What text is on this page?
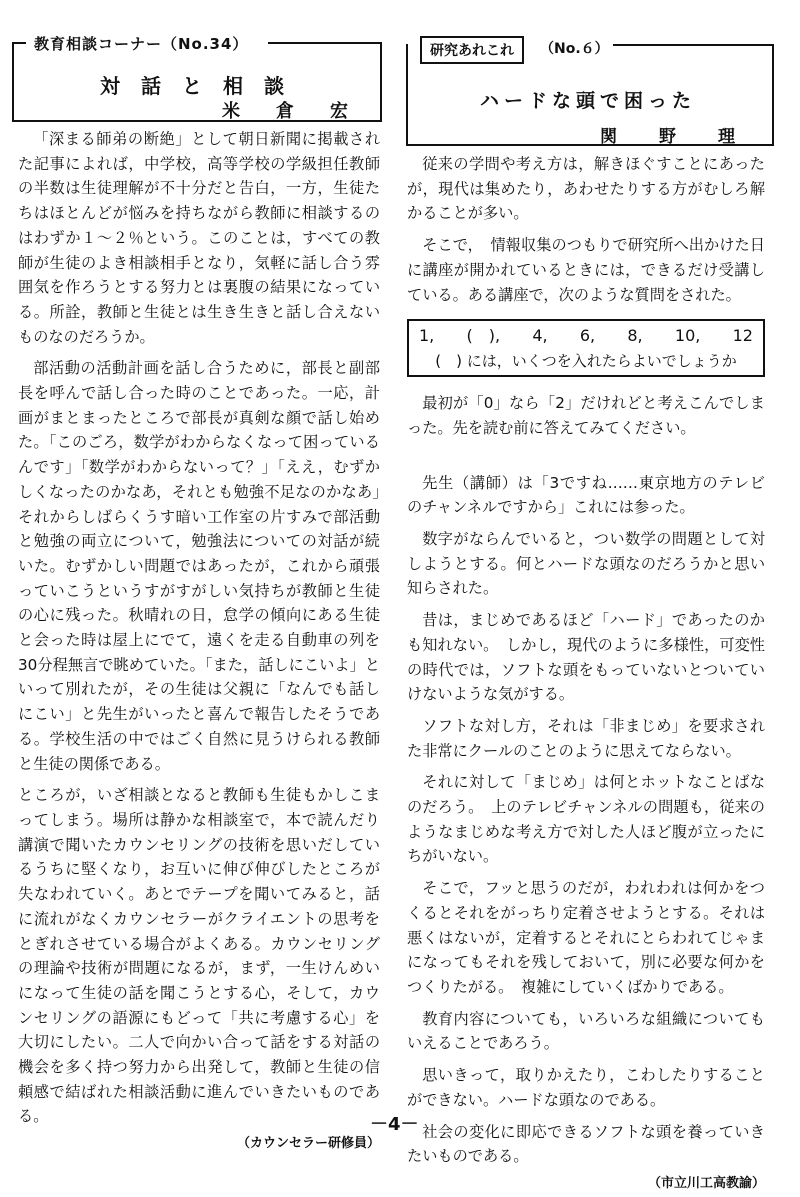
教育相談コーナー（No.34）
対話と相談
米倉宏

「深まる師弟の断絶」として朝日新聞に掲載された記事によれば，中学校，高等学校の学級担任教師の半数は生徒理解が不十分だと告白，一方，生徒たちはほとんどが悩みを持ちながら教師に相談するのはわずか１～２％という。このことは，すべての教師が生徒のよき相談相手となり，気軽に話し合う雰囲気を作ろうとする努力とは裏腹の結果になっている。所詮，教師と生徒とは生き生きと話し合えないものなのだろうか。

部活動の活動計画を話し合うために，部長と副部長を呼んで話し合った時のことであった。一応，計画がまとまったところで部長が真剣な顔で話し始めた。「このごろ，数学がわからなくなって困っているんです」「数学がわからないって？」「ええ，むずかしくなったのかなあ，それとも勉強不足なのかなあ」それからしばらくうす暗い工作室の片すみで部活動と勉強の両立について，勉強法についての対話が続いた。むずかしい問題ではあったが，これから頑張っていこうというすがすがしい気持ちが教師と生徒の心に残った。秋晴れの日，怠学の傾向にある生徒と会った時は屋上にでて，遠くを走る自動車の列を30分程無言で眺めていた。「また，話しにこいよ」といって別れたが，その生徒は父親に「なんでも話しにこい」と先生がいったと喜んで報告したそうである。学校生活の中ではごく自然に見うけられる教師と生徒の関係である。

ところが，いざ相談となると教師も生徒もかしこまってしまう。場所は静かな相談室で，本で読んだり講演で聞いたカウンセリングの技術を思いだしているうちに堅くなり，お互いに伸び伸びしたところが失なわれていく。あとでテープを聞いてみると，話に流れがなくカウンセラーがクライエントの思考をとぎれさせている場合がよくある。カウンセリングの理論や技術が問題になるが，まず，一生けんめいになって生徒の話を聞こうとする心，そして，カウンセリングの語源にもどって「共に考慮する心」を大切にしたい。二人で向かい合って話をする対話の機会を多く持つ努力から出発して，教師と生徒の信頼感で結ばれた相談活動に進んでいきたいものである。

（カウンセラー研修員）
研究あれこれ	（No.６）
ハードな頭で困った
関野理

従来の学問や考え方は，解きほぐすことにあったが，現代は集めたり，あわせたりする方がむしろ解かることが多い。

そこで，　情報収集のつもりで研究所へ出かけた日に講座が開かれているときには，できるだけ受講している。ある講座で，次のような質問をされた。

1, (　), 4, 6, 8, 10, 12
(　) には，いくつを入れたらよいでしょうか

最初が「0」なら「2」だけれどと考えこんでしまった。先を読む前に答えてみてください。

先生（講師）は「3ですね……東京地方のテレビのチャンネルですから」これには参った。

数字がならんでいると，つい数学の問題として対しようとする。何とハードな頭なのだろうかと思い知らされた。

昔は，まじめであるほど「ハード」であったのかも知れない。　しかし，現代のように多様性，可変性の時代では，ソフトな頭をもっていないとついていけないような気がする。

ソフトな対し方，それは「非まじめ」を要求された非常にクールのことのように思えてならない。

それに対して「まじめ」は何とホットなことばなのだろう。　上のテレビチャンネルの問題も，従来のようなまじめな考え方で対した人ほど腹が立ったにちがいない。

そこで，フッと思うのだが，われわれは何かをつくるとそれをがっちり定着させようとする。それは悪くはないが，定着するとそれにとらわれてじゃまになってもそれを残しておいて，別に必要な何かをつくりたがる。　複雑にしていくばかりである。

教育内容についても，いろいろな組織についてもいえることであろう。

思いきって，取りかえたり，こわしたりすることができない。ハードな頭なのである。

社会の変化に即応できるソフトな頭を養っていきたいものである。

（市立川工高教諭）
－4－
